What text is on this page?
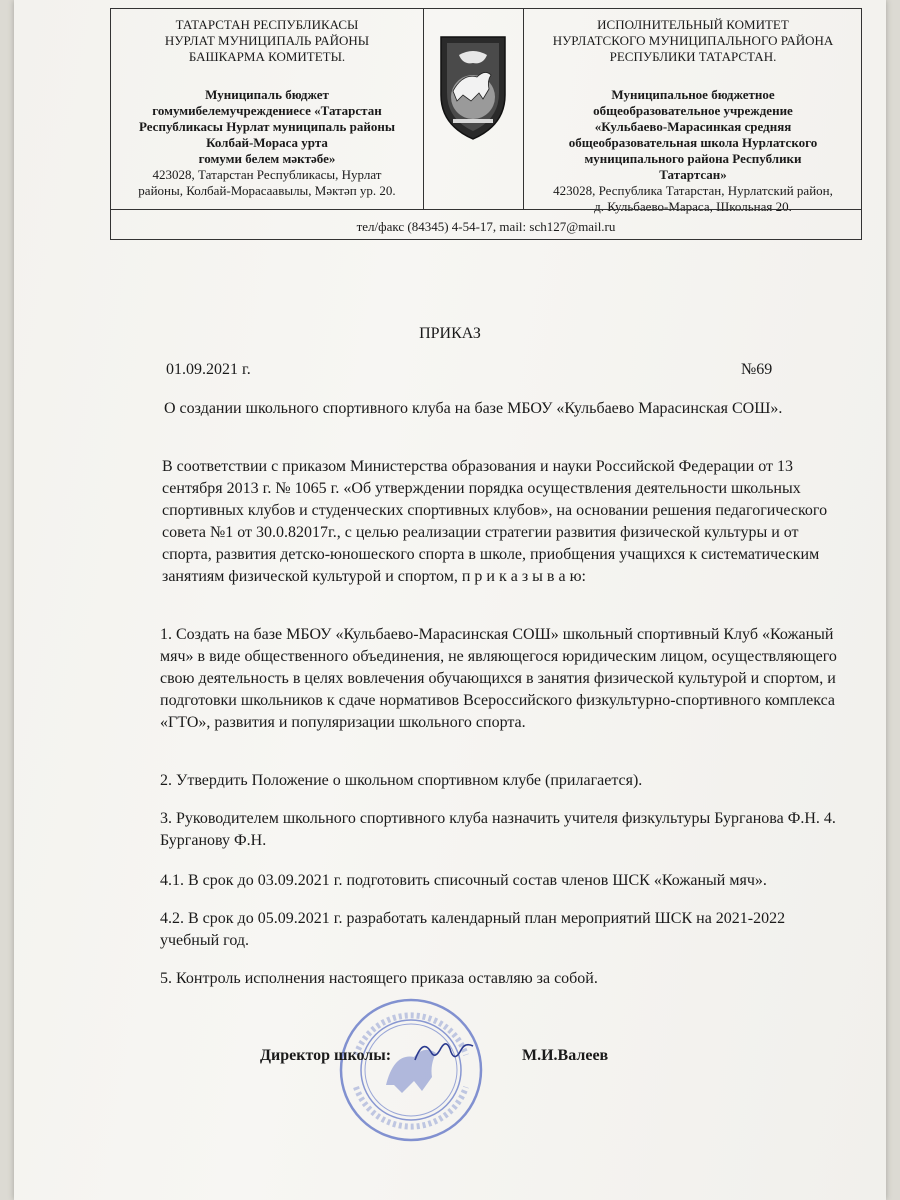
ТАТАРСТАН РЕСПУБЛИКАСЫ
НУРЛАТ МУНИЦИПАЛЬ РАЙОНЫ
БАШКАРМА КОМИТЕТЫ.
Муниципаль бюджет
гомумибелемучреждениесе «Татарстан
Республикасы Нурлат муниципаль районы
Колбай-Мораса урта
гомуми белем мәктәбе»
423028, Татарстан Республикасы, Нурлат
районы, Колбай-Морасаавылы, Мәктәп ур. 20.
ИСПОЛНИТЕЛЬНЫЙ КОМИТЕТ
НУРЛАТСКОГО МУНИЦИПАЛЬНОГО РАЙОНА
РЕСПУБЛИКИ ТАТАРСТАН.
Муниципальное бюджетное
общеобразовательное учреждение
«Кульбаево-Марасинкая средняя
общеобразовательная школа Нурлатского
муниципального района Республики
Татартсан»
423028, Республика Татарстан, Нурлатский район,
д. Кульбаево-Мараса, Школьная 20.
тел/факс (84345) 4-54-17, mail: sch127@mail.ru
ПРИКАЗ
01.09.2021 г.	№69
О создании школьного спортивного клуба на базе МБОУ «Кульбаево Марасинская СОШ».
В соответствии с приказом Министерства образования и науки Российской Федерации от 13 сентября 2013 г. № 1065 г. «Об утверждении порядка осуществления деятельности школьных спортивных клубов и студенческих спортивных клубов», на основании решения педагогического совета №1 от 30.0.82017г., с целью реализации стратегии развития физической культуры и от спорта, развития детско-юношеского спорта в школе, приобщения учащихся к систематическим занятиям физической культурой и спортом, п р и к а з ы в а ю:
1. Создать на базе МБОУ «Кульбаево-Марасинская СОШ» школьный спортивный Клуб «Кожаный мяч» в виде общественного объединения, не являющегося юридическим лицом, осуществляющего свою деятельность в целях вовлечения обучающихся в занятия физической культурой и спортом, и подготовки школьников к сдаче нормативов Всероссийского физкультурно-спортивного комплекса «ГТО», развития и популяризации школьного спорта.
2. Утвердить Положение о школьном спортивном клубе (прилагается).
3. Руководителем школьного спортивного клуба назначить учителя физкультуры Бурганова Ф.Н. 4. Бурганову Ф.Н.
4.1. В срок до 03.09.2021 г. подготовить списочный состав членов ШСК «Кожаный мяч».
4.2. В срок до 05.09.2021 г. разработать календарный план мероприятий ШСК на 2021-2022 учебный год.
5. Контроль исполнения настоящего приказа оставляю за собой.
Директор школы:	М.И.Валеев
